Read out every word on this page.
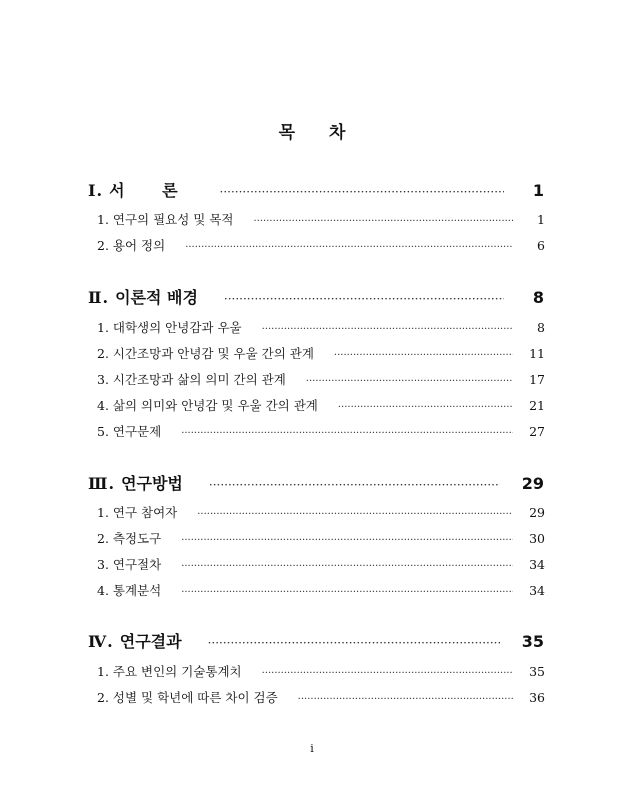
목 차
Ⅰ. 서 론 ·····	1
1. 연구의 필요성 및 목적 ·····	1
2. 용어 정의 ·····	6
Ⅱ. 이론적 배경 ·····	8
1. 대학생의 안녕감과 우울 ·····	8
2. 시간조망과 안녕감 및 우울 간의 관계 ·····	11
3. 시간조망과 삶의 의미 간의 관계 ·····	17
4. 삶의 의미와 안녕감 및 우울 간의 관계 ·····	21
5. 연구문제 ·····	27
Ⅲ. 연구방법 ·····	29
1. 연구 참여자 ·····	29
2. 측정도구 ·····	30
3. 연구절차 ·····	34
4. 통계분석 ·····	34
Ⅳ. 연구결과 ·····	35
1. 주요 변인의 기술통계치 ·····	35
2. 성별 및 학년에 따른 차이 검증 ·····	36
i
